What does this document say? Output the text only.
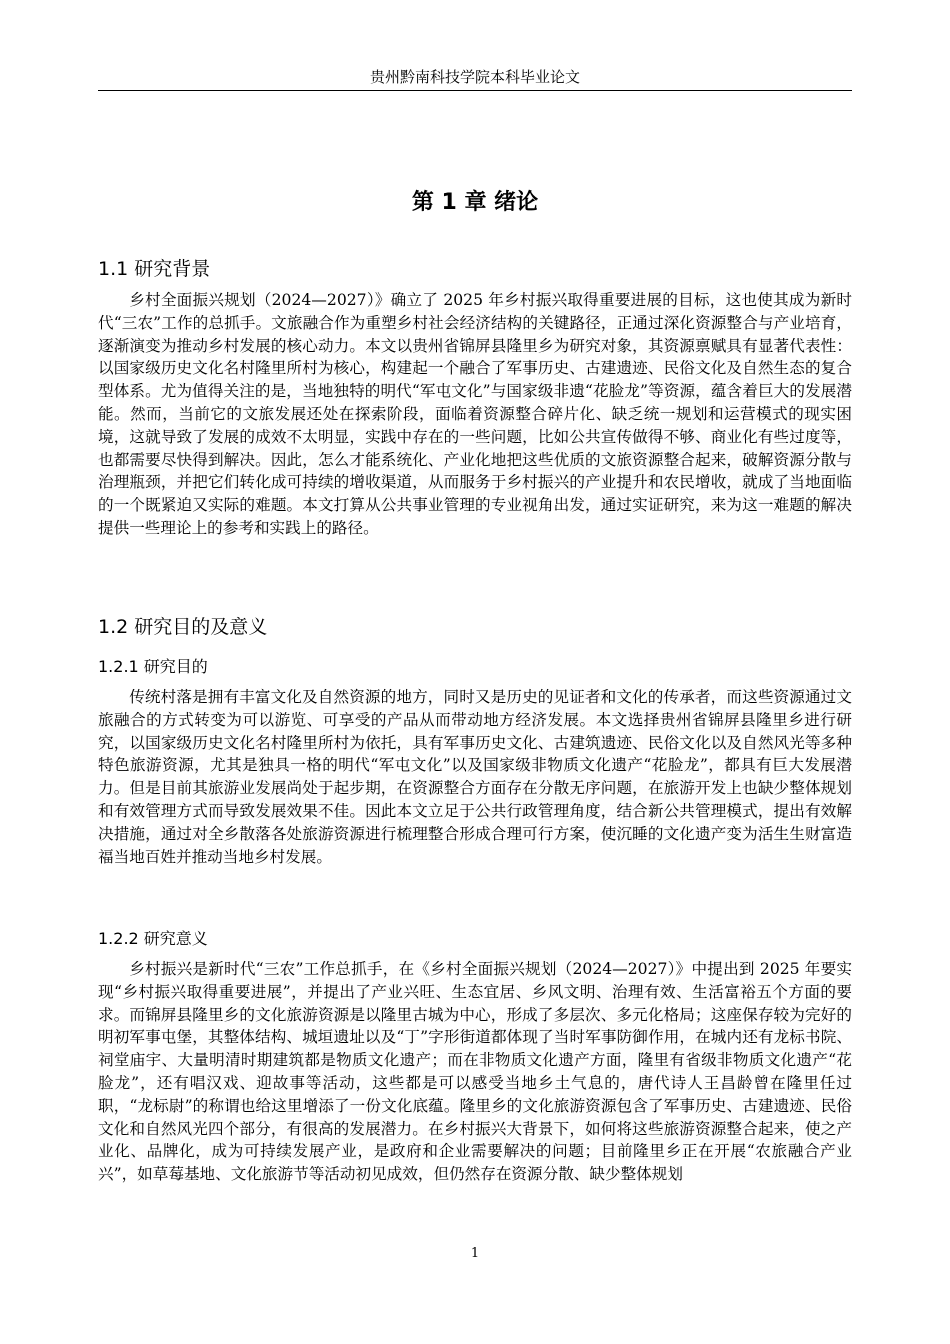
贵州黔南科技学院本科毕业论文
第 1 章 绪论
1.1 研究背景

乡村全面振兴规划（2024—2027）》确立了 2025 年乡村振兴取得重要进展的目标，这也使其成为新时代“三农”工作的总抓手。文旅融合作为重塑乡村社会经济结构的关键路径，正通过深化资源整合与产业培育，逐渐演变为推动乡村发展的核心动力。本文以贵州省锦屏县隆里乡为研究对象，其资源禀赋具有显著代表性：以国家级历史文化名村隆里所村为核心，构建起一个融合了军事历史、古建遗迹、民俗文化及自然生态的复合型体系。尤为值得关注的是，当地独特的明代“军屯文化”与国家级非遗“花脸龙”等资源，蕴含着巨大的发展潜能。然而，当前它的文旅发展还处在探索阶段，面临着资源整合碎片化、缺乏统一规划和运营模式的现实困境，这就导致了发展的成效不太明显，实践中存在的一些问题，比如公共宣传做得不够、商业化有些过度等，也都需要尽快得到解决。因此，怎么才能系统化、产业化地把这些优质的文旅资源整合起来，破解资源分散与治理瓶颈，并把它们转化成可持续的增收渠道，从而服务于乡村振兴的产业提升和农民增收，就成了当地面临的一个既紧迫又实际的难题。本文打算从公共事业管理的专业视角出发，通过实证研究，来为这一难题的解决提供一些理论上的参考和实践上的路径。

1.2 研究目的及意义
1.2.1 研究目的

传统村落是拥有丰富文化及自然资源的地方，同时又是历史的见证者和文化的传承者，而这些资源通过文旅融合的方式转变为可以游览、可享受的产品从而带动地方经济发展。本文选择贵州省锦屏县隆里乡进行研究，以国家级历史文化名村隆里所村为依托，具有军事历史文化、古建筑遗迹、民俗文化以及自然风光等多种特色旅游资源，尤其是独具一格的明代“军屯文化”以及国家级非物质文化遗产“花脸龙”，都具有巨大发展潜力。但是目前其旅游业发展尚处于起步期，在资源整合方面存在分散无序问题，在旅游开发上也缺少整体规划和有效管理方式而导致发展效果不佳。因此本文立足于公共行政管理角度，结合新公共管理模式，提出有效解决措施，通过对全乡散落各处旅游资源进行梳理整合形成合理可行方案，使沉睡的文化遗产变为活生生财富造福当地百姓并推动当地乡村发展。

1.2.2 研究意义

乡村振兴是新时代“三农”工作总抓手，在《乡村全面振兴规划（2024—2027）》中提出到 2025 年要实现“乡村振兴取得重要进展”，并提出了产业兴旺、生态宜居、乡风文明、治理有效、生活富裕五个方面的要求。而锦屏县隆里乡的文化旅游资源是以隆里古城为中心，形成了多层次、多元化格局；这座保存较为完好的明初军事屯堡，其整体结构、城垣遗址以及“丁”字形街道都体现了当时军事防御作用，在城内还有龙标书院、祠堂庙宇、大量明清时期建筑都是物质文化遗产；而在非物质文化遗产方面，隆里有省级非物质文化遗产“花脸龙”，还有唱汉戏、迎故事等活动，这些都是可以感受当地乡土气息的，唐代诗人王昌龄曾在隆里任过职，“龙标尉”的称谓也给这里增添了一份文化底蕴。隆里乡的文化旅游资源包含了军事历史、古建遗迹、民俗文化和自然风光四个部分，有很高的发展潜力。在乡村振兴大背景下，如何将这些旅游资源整合起来，使之产业化、品牌化，成为可持续发展产业，是政府和企业需要解决的问题；目前隆里乡正在开展“农旅融合产业兴”，如草莓基地、文化旅游节等活动初见成效，但仍然存在资源分散、缺少整体规划

1
